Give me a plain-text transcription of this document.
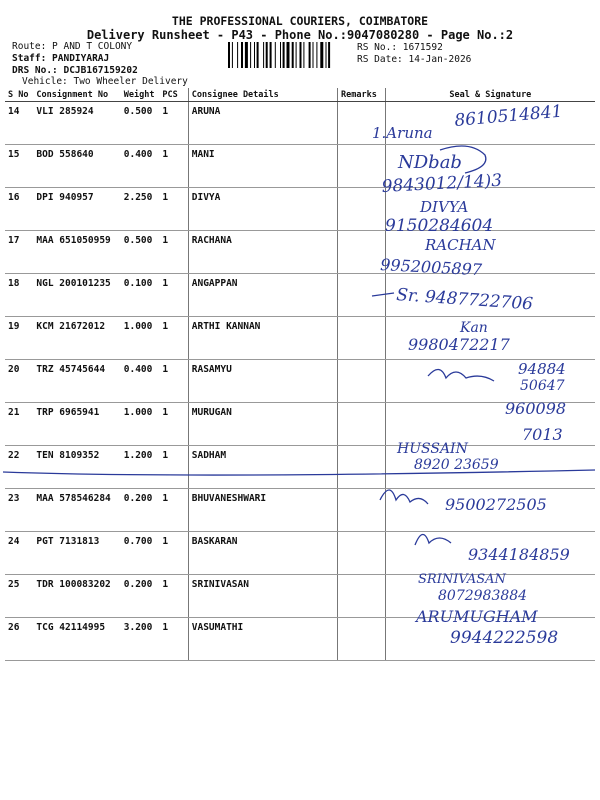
THE PROFESSIONAL COURIERS, COIMBATORE
Delivery Runsheet - P43 - Phone No.:9047080280 - Page No.:2
Route: P AND T COLONY
Staff: PANDIYARAJ
DRS No.: DCJB167159202
Vehicle: Two Wheeler Delivery
RS No.: 1671592
RS Date: 14-Jan-2026
S No	Consignment No	Weight	PCS	Consignee Details	Remarks	Seal & Signature
14	VLI 285924	0.500	1	ARUNA		
15	BOD 558640	0.400	1	MANI		
16	DPI 940957	2.250	1	DIVYA		
17	MAA 651050959	0.500	1	RACHANA		
18	NGL 200101235	0.100	1	ANGAPPAN		
19	KCM 21672012	1.000	1	ARTHI KANNAN		
20	TRZ 45745644	0.400	1	RASAMYU		
21	TRP 6965941	1.000	1	MURUGAN		
22	TEN 8109352	1.200	1	SADHAM		
23	MAA 578546284	0.200	1	BHUVANESHWARI		
24	PGT 7131813	0.700	1	BASKARAN		
25	TDR 100083202	0.200	1	SRINIVASAN		
26	TCG 42114995	3.200	1	VASUMATHI		
8610514841
1.Aruna
NDbab
9843012/14)3
DIVYA
9150284604
RACHAN
9952005897
Sr. 9487722706
Kan
9980472217
94884
50647
960098
7013
HUSSAIN
8920 23659
9500272505
9344184859
SRINIVASAN
8072983884
ARUMUGHAM
9944222598
